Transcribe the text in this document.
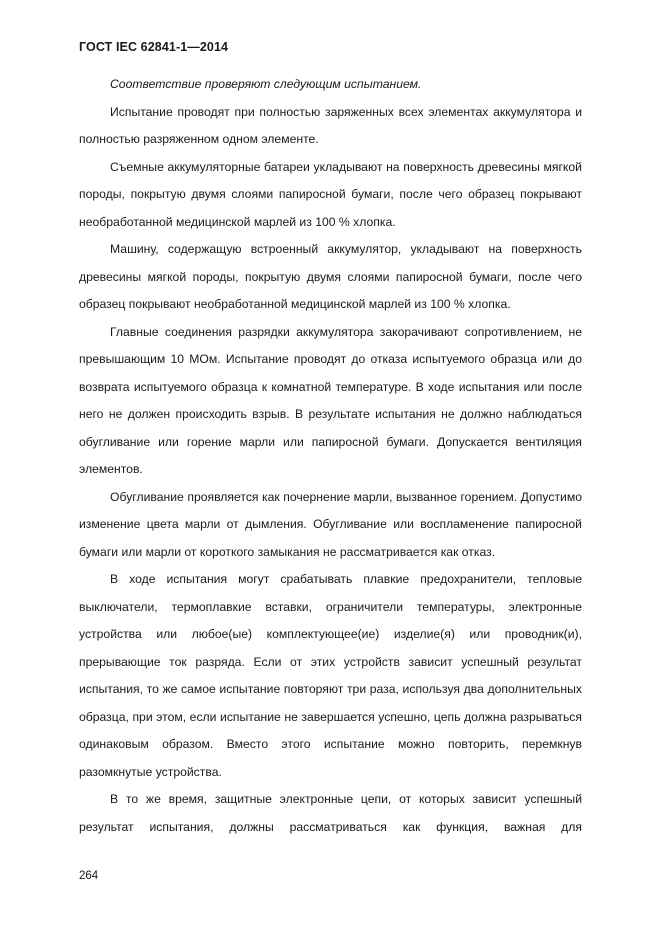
ГОСТ IEC 62841-1—2014

Соответствие проверяют следующим испытанием.

Испытание проводят при полностью заряженных всех элементах аккумулятора и полностью разряженном одном элементе.

Съемные аккумуляторные батареи укладывают на поверхность древесины мягкой породы, покрытую двумя слоями папиросной бумаги, после чего образец покрывают необработанной медицинской марлей из 100 % хлопка.

Машину, содержащую встроенный аккумулятор, укладывают на поверхность древесины мягкой породы, покрытую двумя слоями папиросной бумаги, после чего образец покрывают необработанной медицинской марлей из 100 % хлопка.

Главные соединения разрядки аккумулятора закорачивают сопротивлением, не превышающим 10 МОм. Испытание проводят до отказа испытуемого образца или до возврата испытуемого образца к комнатной температуре. В ходе испытания или после него не должен происходить взрыв. В результате испытания не должно наблюдаться обугливание или горение марли или папиросной бумаги. Допускается вентиляция элементов.

Обугливание проявляется как почернение марли, вызванное горением. Допустимо изменение цвета марли от дымления. Обугливание или воспламенение папиросной бумаги или марли от короткого замыкания не рассматривается как отказ.

В ходе испытания могут срабатывать плавкие предохранители, тепловые выключатели, термоплавкие вставки, ограничители температуры, электронные устройства или любое(ые) комплектующее(ие) изделие(я) или проводник(и), прерывающие ток разряда. Если от этих устройств зависит успешный результат испытания, то же самое испытание повторяют три раза, используя два дополнительных образца, при этом, если испытание не завершается успешно, цепь должна разрываться одинаковым образом. Вместо этого испытание можно повторить, перемкнув разомкнутые устройства.

В то же время, защитные электронные цепи, от которых зависит успешный результат испытания, должны рассматриваться как функция, важная для

264
